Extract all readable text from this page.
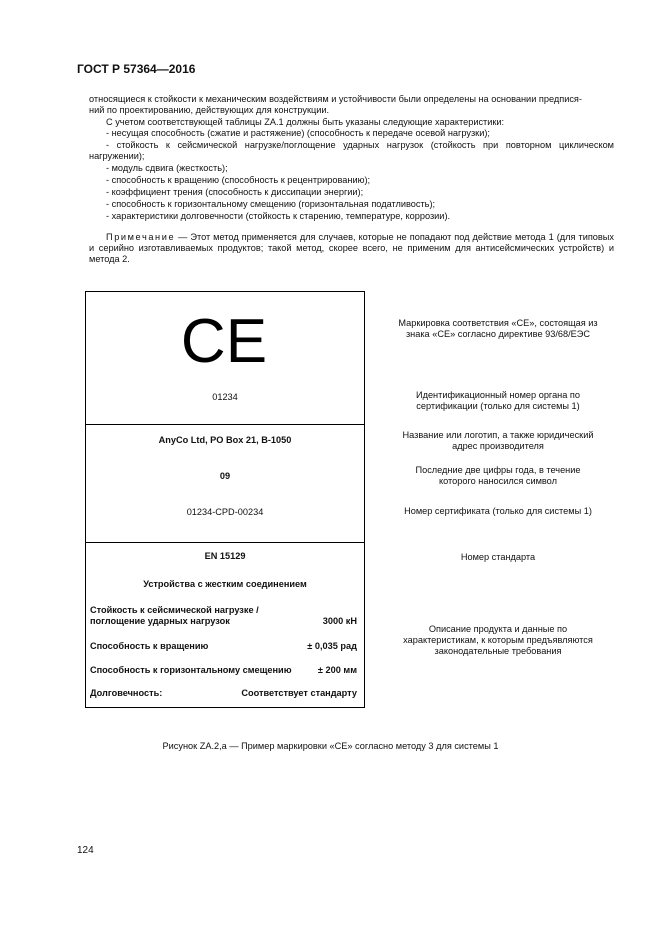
ГОСТ Р 57364—2016
относящиеся к стойкости к механическим воздействиям и устойчивости были определены на основании предпися-
ний по проектированию, действующих для конструкции.
С учетом соответствующей таблицы ZA.1 должны быть указаны следующие характеристики:
- несущая способность (сжатие и растяжение) (способность к передаче осевой нагрузки);
- стойкость к сейсмической нагрузке/поглощение ударных нагрузок (стойкость при повторном циклическом нагружении);
- модуль сдвига (жесткость);
- способность к вращению (способность к рецентрированию);
- коэффициент трения (способность к диссипации энергии);
- способность к горизонтальному смещению (горизонтальная податливость);
- характеристики долговечности (стойкость к старению, температуре, коррозии).
Примечание — Этот метод применяется для случаев, которые не попадают под действие метода 1 (для типовых и серийно изготавливаемых продуктов; такой метод, скорее всего, не применим для антисейсмических устройств) и метода 2.
CE
01234
AnyCo Ltd, PO Box 21, B-1050
09
01234-CPD-00234
EN 15129
Устройства с жестким соединением
Стойкость к сейсмической нагрузке /
поглощение ударных нагрузок	3000 кН
Способность к вращению	± 0,035 рад
Способность к горизонтальному смещению	± 200 мм
Долговечность:	Соответствует стандарту
Маркировка соответствия «CE», состоящая из
знака «CE» согласно директиве 93/68/ЕЭС
Идентификационный номер органа по
сертификации (только для системы 1)
Название или логотип, а также юридический
адрес производителя
Последние две цифры года, в течение
которого наносился символ
Номер сертификата (только для системы 1)
Номер стандарта
Описание продукта и данные по
характеристикам, к которым предъявляются
законодательные требования
Рисунок ZA.2,а — Пример маркировки «CE» согласно методу 3 для системы 1
124
